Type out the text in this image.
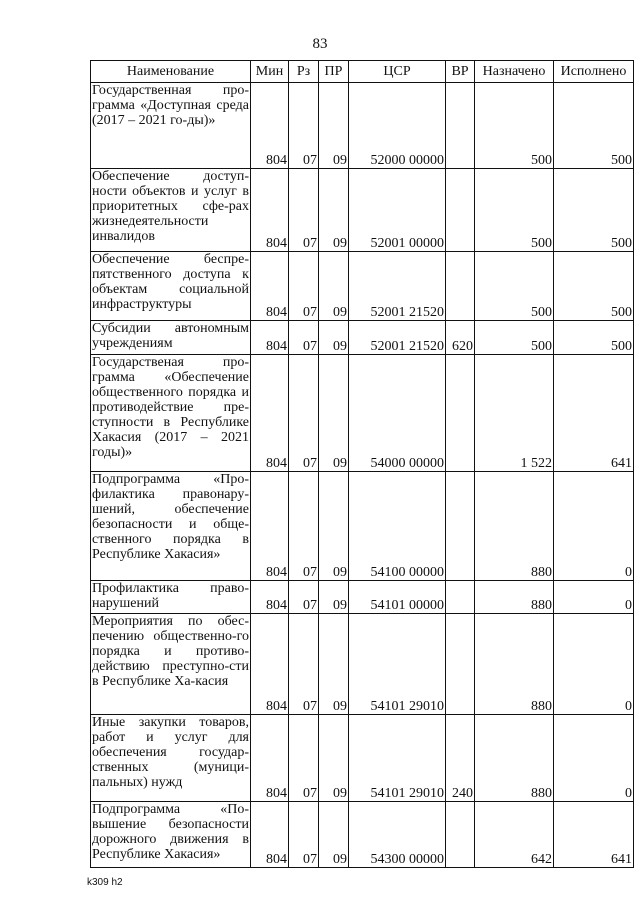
83
Наименование	Мин	Рз	ПР	ЦСР	ВР	Назначено	Исполнено
Государственная про-грамма «Доступная среда (2017 – 2021 го-ды)»	804	07	09	52000 00000		500	500
Обеспечение доступ-ности объектов и услуг в приоритетных сфе-рах жизнедеятельности инвалидов	804	07	09	52001 00000		500	500
Обеспечение беспре-пятственного доступа к объектам социальной инфраструктуры	804	07	09	52001 21520		500	500
Субсидии автономным учреждениям	804	07	09	52001 21520	620	500	500
Государственая про-грамма «Обеспечение общественного порядка и противодействие пре-ступности в Республике Хакасия (2017 – 2021 годы)»	804	07	09	54000 00000		1 522	641
Подпрограмма «Про-филактика правонару-шений, обеспечение безопасности и обще-ственного порядка в Республике Хакасия»	804	07	09	54100 00000		880	0
Профилактика право-нарушений	804	07	09	54101 00000		880	0
Мероприятия по обес-печению общественно-го порядка и противо-действию преступно-сти в Республике Ха-касия	804	07	09	54101 29010		880	0
Иные закупки товаров, работ и услуг для обеспечения государ-ственных (муници-пальных) нужд	804	07	09	54101 29010	240	880	0
Подпрограмма «По-вышение безопасности дорожного движения в Республике Хакасия»	804	07	09	54300 00000		642	641
k309 h2
